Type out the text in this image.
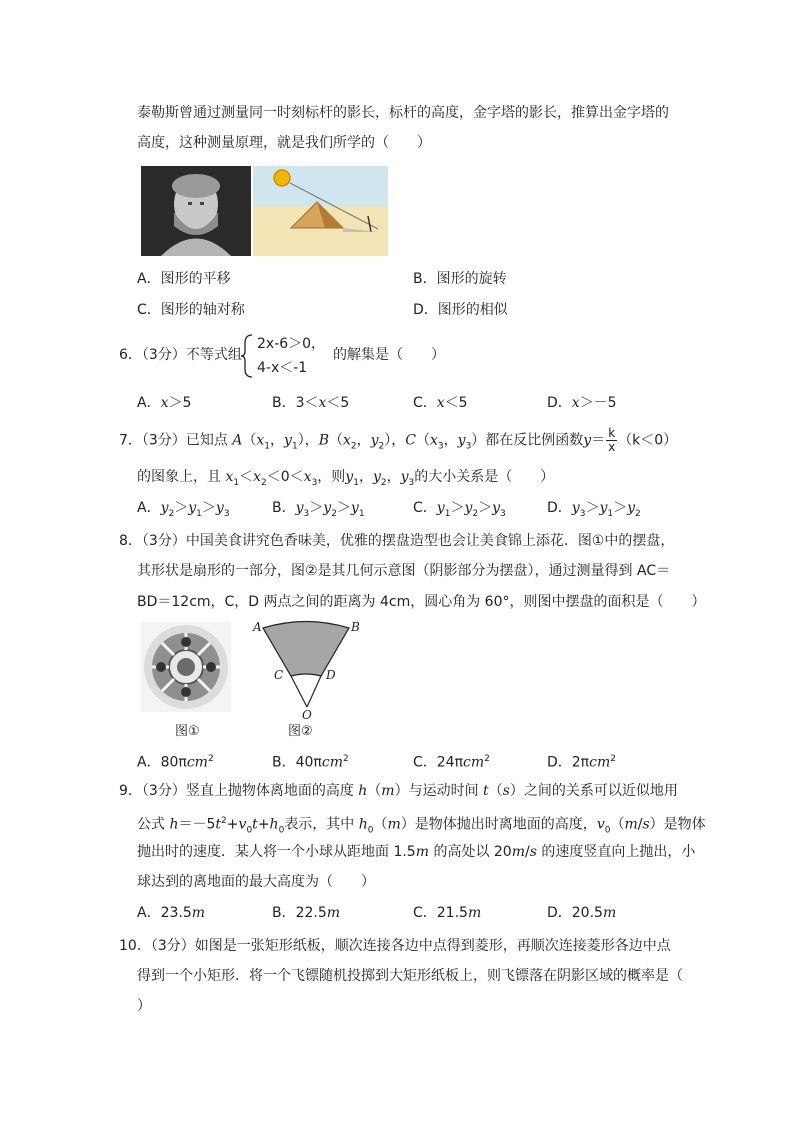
泰勒斯曾通过测量同一时刻标杆的影长，标杆的高度，金字塔的影长，推算出金字塔的
高度，这种测量原理，就是我们所学的（　　）
A．图形的平移	B．图形的旋转
C．图形的轴对称	D．图形的相似
6．（3分）不等式组
2x-6＞0，
4-x＜-1
的解集是（　　）
A．x＞5	B．3＜x＜5	C．x＜5	D．x＞－5
7．（3分）已知点 $A(x_1$，$y_1$），$B(x_2$，$y_2$），$C(x_3$，$y_3$）都在反比例函数$y= \frac{k}{x} (k<0)$
的图象上，且 $x_1<x_2<0<x_3$，则$y_1$，$y_2$，$y_3$的大小关系是（　　）
A．$y_2>y_1>y_3$	B．$y_3>y_2>y_1$	C．$y_1>y_2>y_3$	D．$y_3>y_1>y_2$
8．（3分）中国美食讲究色香味美，优雅的摆盘造型也会让美食锦上添花．图①中的摆盘，
其形状是扇形的一部分，图②是其几何示意图（阴影部分为摆盘），通过测量得到 AC＝
BD＝12cm，C，D 两点之间的距离为 4cm，圆心角为 60°，则图中摆盘的面积是（　　）
图①
A	B
C	D
O
图②
A．80πcm$^2$	B．40πcm$^2$	C．24πcm$^2$	D．2πcm$^2$
9．（3分）竖直上抛物体离地面的高度 h（m）与运动时间 t（s）之间的关系可以近似地用
公式 $h=-5t^2+v_0t+h_0$表示，其中 $h_0(m)$是物体抛出时离地面的高度，$v_0(m/s)$是物体
抛出时的速度．某人将一个小球从距地面 1.5m 的高处以 20m/s 的速度竖直向上抛出，小
球达到的离地面的最大高度为（　　）
A．23.5m	B．22.5m	C．21.5m	D．20.5m
10．（3分）如图是一张矩形纸板，顺次连接各边中点得到菱形，再顺次连接菱形各边中点
得到一个小矩形．将一个飞镖随机投掷到大矩形纸板上，则飞镖落在阴影区域的概率是（
）
